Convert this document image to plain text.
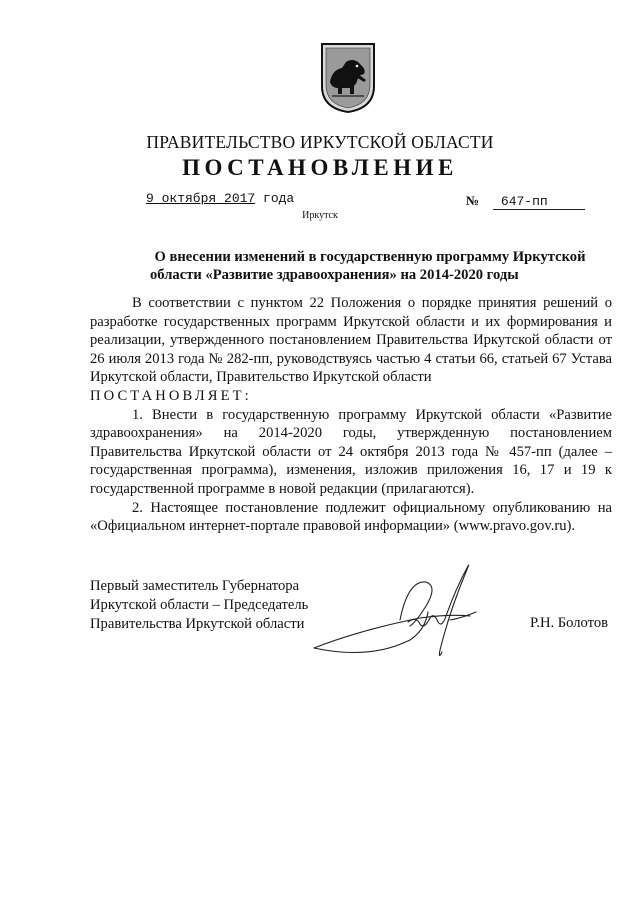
ПРАВИТЕЛЬСТВО ИРКУТСКОЙ ОБЛАСТИ
ПОСТАНОВЛЕНИЕ
9 октября 2017 года	№ 647-пп
Иркутск
О внесении изменений в государственную программу Иркутской
области «Развитие здравоохранения» на 2014-2020 годы

В соответствии с пунктом 22 Положения о порядке принятия решений о разработке государственных программ Иркутской области и их формирования и реализации, утвержденного постановлением Правительства Иркутской области от 26 июля 2013 года № 282-пп, руководствуясь частью 4 статьи 66, статьей 67 Устава Иркутской области, Правительство Иркутской области

ПОСТАНОВЛЯЕТ:

1. Внести в государственную программу Иркутской области «Развитие здравоохранения» на 2014-2020 годы, утвержденную постановлением Правительства Иркутской области от 24 октября 2013 года № 457-пп (далее – государственная программа), изменения, изложив приложения 16, 17 и 19 к государственной программе в новой редакции (прилагаются).

2. Настоящее постановление подлежит официальному опубликованию на «Официальном интернет-портале правовой информации» (www.pravo.gov.ru).

Первый заместитель Губернатора
Иркутской области – Председатель
Правительства Иркутской области	Р.Н. Болотов
